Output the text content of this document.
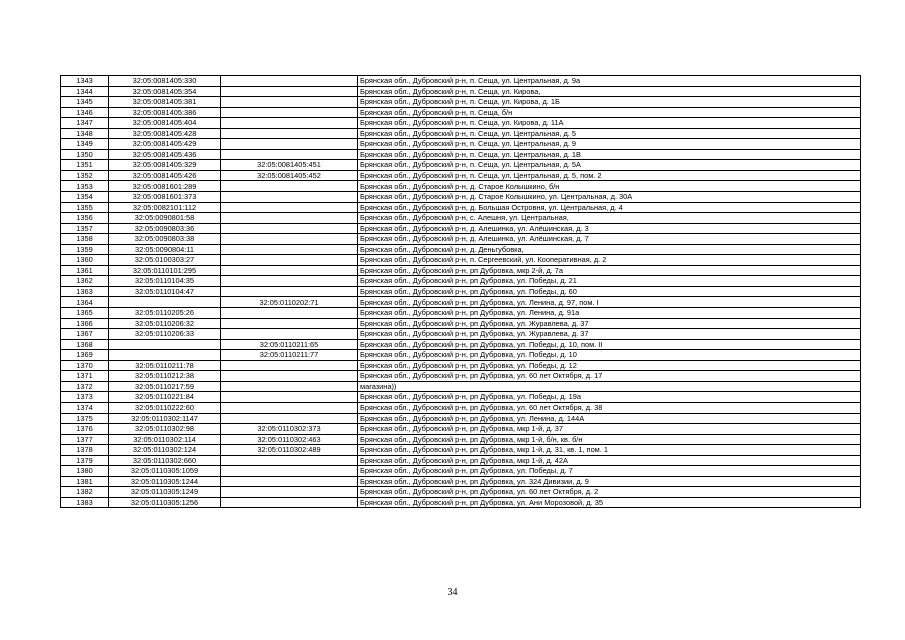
1343	32:05:0081405:330		Брянская обл., Дубровский р-н, п. Сеща, ул. Центральная, д. 9а
1344	32:05:0081405:354		Брянская обл., Дубровский р-н, п. Сеща, ул. Кирова,
1345	32:05:0081405:381		Брянская обл., Дубровский р-н, п. Сеща, ул. Кирова, д. 1Б
1346	32:05:0081405:386		Брянская обл., Дубровский р-н, п. Сеща, б/н
1347	32:05:0081405:404		Брянская обл., Дубровский р-н, п. Сеща, ул. Кирова, д. 11А
1348	32:05:0081405:428		Брянская обл., Дубровский р-н, п. Сеща, ул. Центральная, д. 5
1349	32:05:0081405:429		Брянская обл., Дубровский р-н, п. Сеща, ул. Центральная, д. 9
1350	32:05:0081405:436		Брянская обл., Дубровский р-н, п. Сеща, ул. Центральная, д. 1В
1351	32:05:0081405:329	32:05:0081405:451	Брянская обл., Дубровский р-н, п. Сеща, ул. Центральная, д. 5А
1352	32:05:0081405:426	32:05:0081405:452	Брянская обл., Дубровский р-н, п. Сеща, ул. Центральная, д. 5, пом. 2
1353	32:05:0081601:289		Брянская обл., Дубровский р-н, д. Старое Колышкино, б/н
1354	32:05:0081601:373		Брянская обл., Дубровский р-н, д. Старое Колышкино, ул. Центральная, д. 30А
1355	32:05:0082101:112		Брянская обл., Дубровский р-н, д. Большая Островня, ул. Центральная, д. 4
1356	32:05:0090801:58		Брянская обл., Дубровский р-н, с. Алешня, ул. Центральная,
1357	32:05:0090803:36		Брянская обл., Дубровский р-н, д. Алешинка, ул. Алёшинская, д. 3
1358	32:05:0090803:38		Брянская обл., Дубровский р-н, д. Алешинка, ул. Алёшинская, д. 7
1359	32:05:0090804:11		Брянская обл., Дубровский р-н, д. Деньгубовка,
1360	32:05:0100303:27		Брянская обл., Дубровский р-н, п. Сергеевский, ул. Кооперативная, д. 2
1361	32:05:0110101:295		Брянская обл., Дубровский р-н, рп Дубровка, мкр 2-й, д. 7а
1362	32:05:0110104:35		Брянская обл., Дубровский р-н, рп Дубровка, ул. Победы, д. 21
1363	32:05:0110104:47		Брянская обл., Дубровский р-н, рп Дубровка, ул. Победы, д. 60
1364		32:05:0110202:71	Брянская обл., Дубровский р-н, рп Дубровка, ул. Ленина, д. 97, пом. I
1365	32:05:0110205:26		Брянская обл., Дубровский р-н, рп Дубровка, ул. Ленина, д. 91а
1366	32:05:0110206:32		Брянская обл., Дубровский р-н, рп Дубровка, ул. Журавлева, д. 37
1367	32:05:0110206:33		Брянская обл., Дубровский р-н, рп Дубровка, ул. Журавлева, д. 37
1368		32:05:0110211:65	Брянская обл., Дубровский р-н, рп Дубровка, ул. Победы, д. 10, пом. II
1369		32:05:0110211:77	Брянская обл., Дубровский р-н, рп Дубровка, ул. Победы, д. 10
1370	32:05:0110211:78		Брянская обл., Дубровский р-н, рп Дубровка, ул. Победы, д. 12
1371	32:05:0110212:38		Брянская обл., Дубровский р-н, рп Дубровка, ул. 60 лет Октября, д. 17
1372	32:05:0110217:59		магазина))
1373	32:05:0110221:84		Брянская обл., Дубровский р-н, рп Дубровка, ул. Победы, д. 19а
1374	32:05:0110222:60		Брянская обл., Дубровский р-н, рп Дубровка, ул. 60 лет Октября, д. 38
1375	32:05:0110302:1147		Брянская обл., Дубровский р-н, рп Дубровка, ул. Ленина, д. 144А
1376	32:05:0110302:98	32:05:0110302:373	Брянская обл., Дубровский р-н, рп Дубровка, мкр 1-й, д. 37
1377	32:05:0110302:114	32:05:0110302:463	Брянская обл., Дубровский р-н, рп Дубровка, мкр 1-й, б/н, кв. б/н
1378	32:05:0110302:124	32:05:0110302:489	Брянская обл., Дубровский р-н, рп Дубровка, мкр 1-й, д. 31, кв. 1, пом. 1
1379	32:05:0110302:660		Брянская обл., Дубровский р-н, рп Дубровка, мкр 1-й, д. 42А
1380	32:05:0110305:1059		Брянская обл., Дубровский р-н, рп Дубровка, ул. Победы, д. 7
1381	32:05:0110305:1244		Брянская обл., Дубровский р-н, рп Дубровка, ул. 324 Дивизии, д. 9
1382	32:05:0110305:1249		Брянская обл., Дубровский р-н, рп Дубровка, ул. 60 лет Октября, д. 2
1383	32:05:0110305:1256		Брянская обл., Дубровский р-н, рп Дубровка, ул. Ани Морозовой, д. 35
34
